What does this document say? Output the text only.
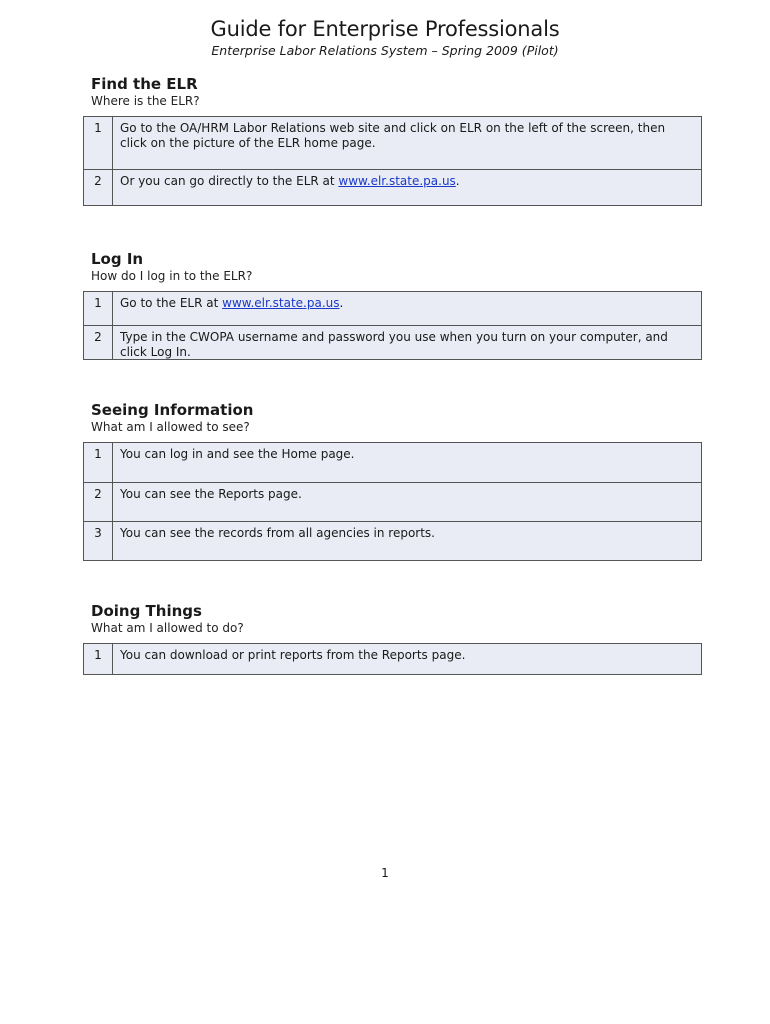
Guide for Enterprise Professionals
Enterprise Labor Relations System – Spring 2009 (Pilot)
Find the ELR
Where is the ELR?
1	Go to the OA/HRM Labor Relations web site and click on ELR on the left of the screen, then click on the picture of the ELR home page.
2	Or you can go directly to the ELR at www.elr.state.pa.us.
Log In
How do I log in to the ELR?
1	Go to the ELR at www.elr.state.pa.us.
2	Type in the CWOPA username and password you use when you turn on your computer, and click Log In.
Seeing Information
What am I allowed to see?
1	You can log in and see the Home page.
2	You can see the Reports page.
3	You can see the records from all agencies in reports.
Doing Things
What am I allowed to do?
1	You can download or print reports from the Reports page.
1
